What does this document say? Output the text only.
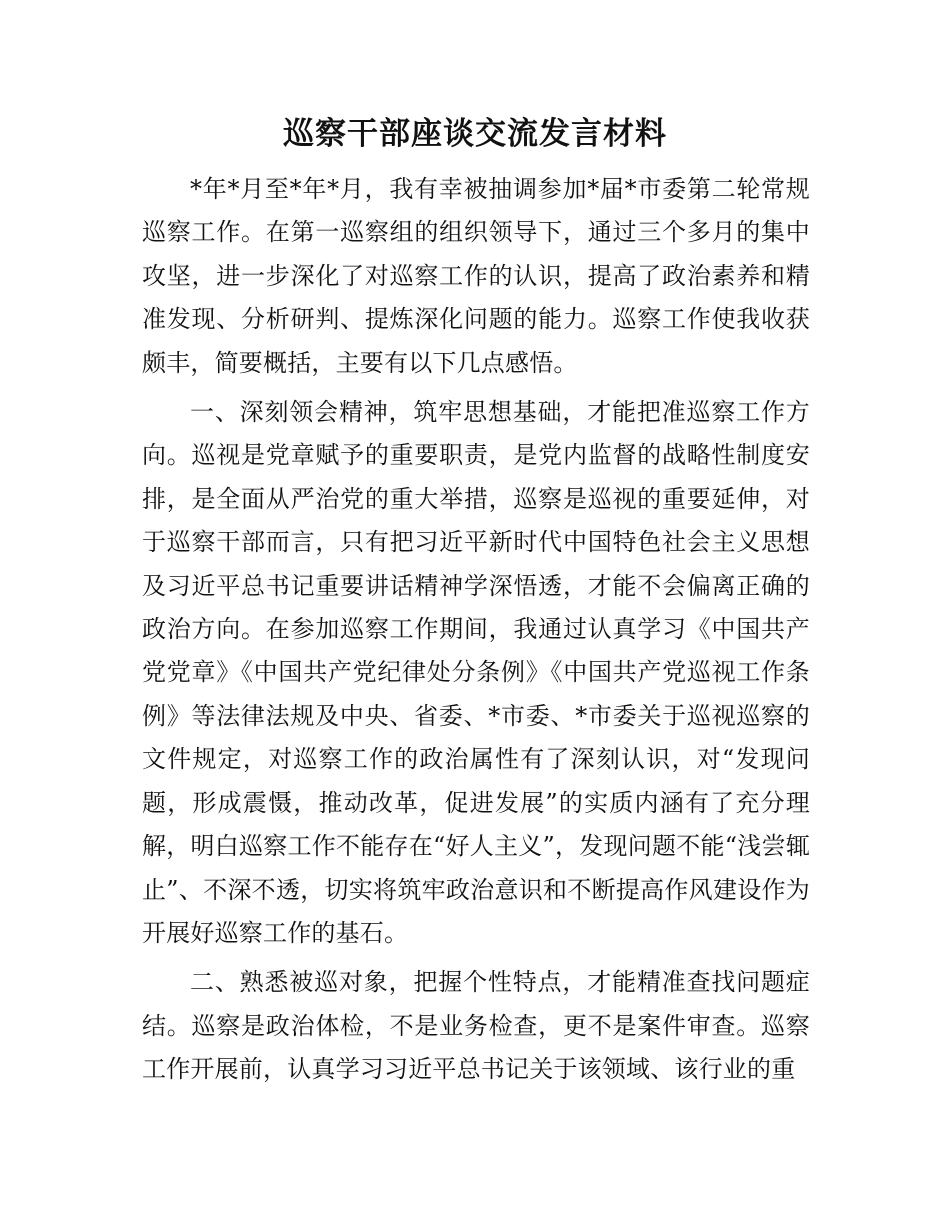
巡察干部座谈交流发言材料

*年*月至*年*月，我有幸被抽调参加*届*市委第二轮常规巡察工作。在第一巡察组的组织领导下，通过三个多月的集中攻坚，进一步深化了对巡察工作的认识，提高了政治素养和精准发现、分析研判、提炼深化问题的能力。巡察工作使我收获颇丰，简要概括，主要有以下几点感悟。

一、深刻领会精神，筑牢思想基础，才能把准巡察工作方向。巡视是党章赋予的重要职责，是党内监督的战略性制度安排，是全面从严治党的重大举措，巡察是巡视的重要延伸，对于巡察干部而言，只有把习近平新时代中国特色社会主义思想及习近平总书记重要讲话精神学深悟透，才能不会偏离正确的政治方向。在参加巡察工作期间，我通过认真学习《中国共产党党章》《中国共产党纪律处分条例》《中国共产党巡视工作条例》等法律法规及中央、省委、*市委、*市委关于巡视巡察的文件规定，对巡察工作的政治属性有了深刻认识，对“发现问题，形成震慑，推动改革，促进发展”的实质内涵有了充分理解，明白巡察工作不能存在“好人主义”，发现问题不能“浅尝辄止”、不深不透，切实将筑牢政治意识和不断提高作风建设作为开展好巡察工作的基石。

二、熟悉被巡对象，把握个性特点，才能精准查找问题症结。巡察是政治体检，不是业务检查，更不是案件审查。巡察工作开展前，认真学习习近平总书记关于该领域、该行业的重
